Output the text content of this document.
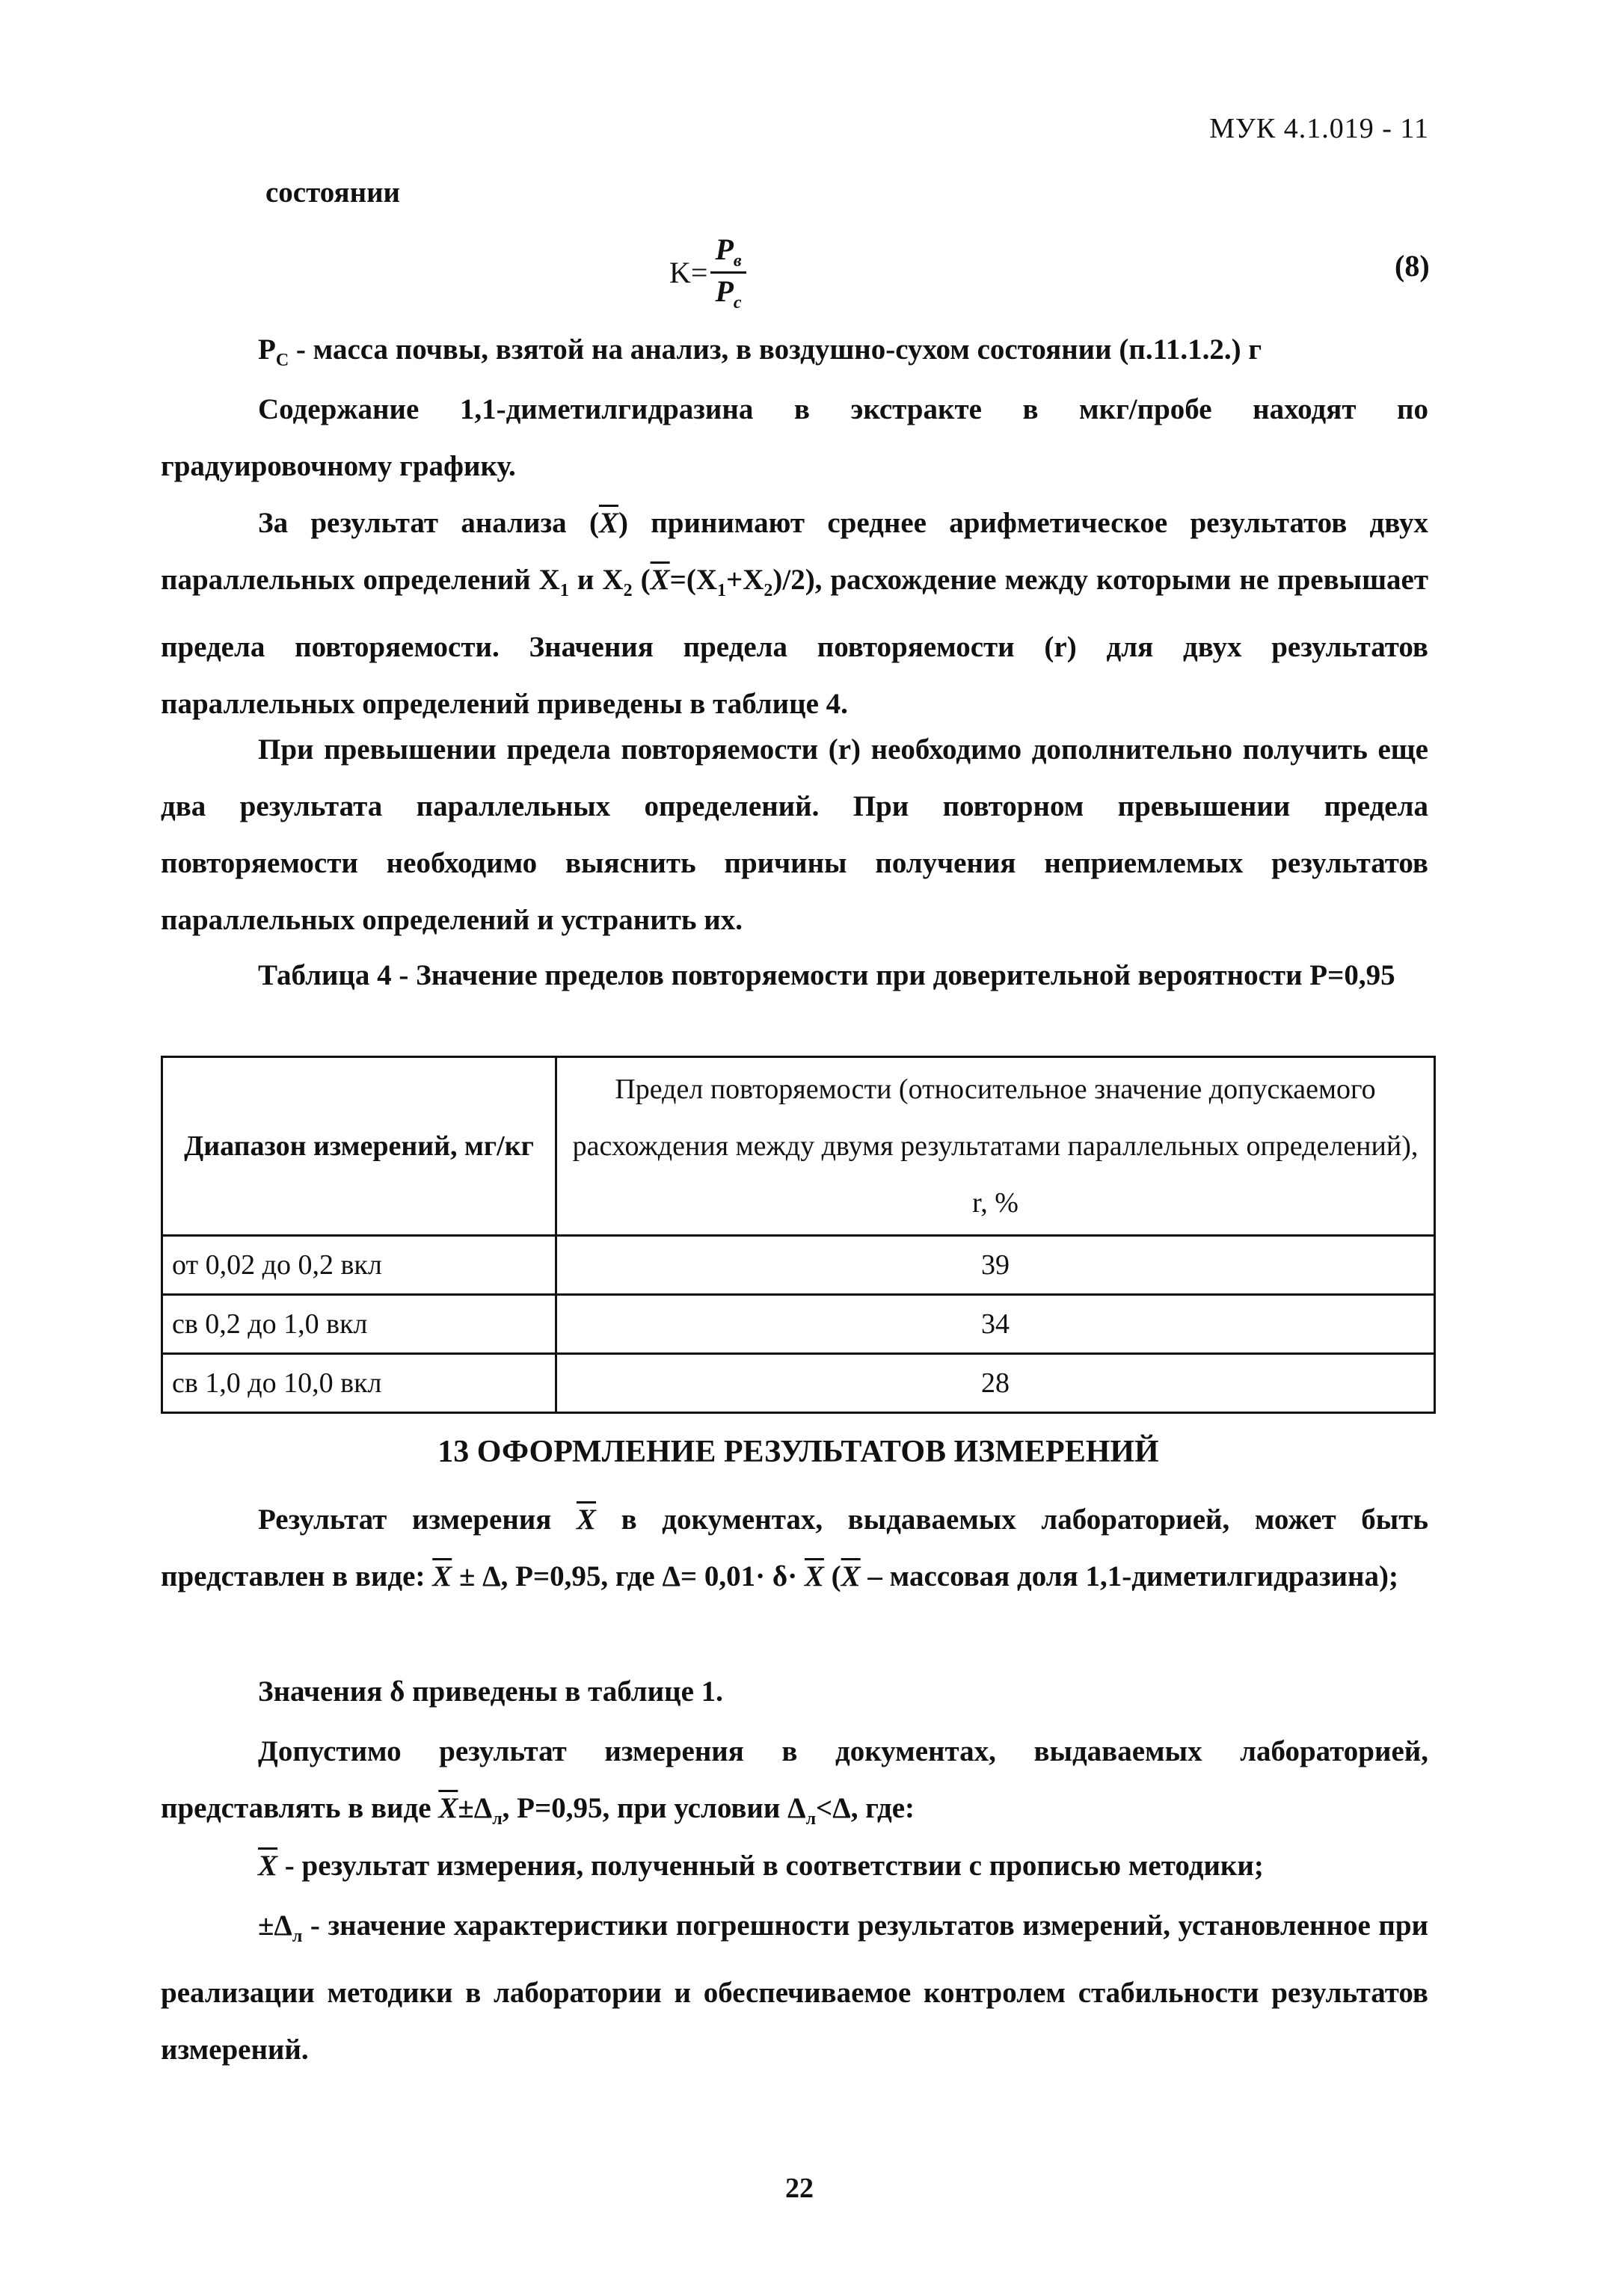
МУК 4.1.019 - 11
состоянии
$K= \frac{P_в}{P_c}$	(8)

$P_C$ - масса почвы, взятой на анализ, в воздушно-сухом состоянии (п.11.1.2.) г

Содержание 1,1-диметилгидразина в экстракте в мкг/пробе находят по градуировочному графику.

За результат анализа $(\overline{X})$ принимают среднее арифметическое результатов двух параллельных определений $X_1$ и $X_2$ $(\overline{X}=(X_1+X_2)/2)$, расхождение между которыми не превышает предела повторяемости. Значения предела повторяемости (r) для двух результатов параллельных определений приведены в таблице 4.

При превышении предела повторяемости (r) необходимо дополнительно получить еще два результата параллельных определений. При повторном превышении предела повторяемости необходимо выяснить причины получения неприемлемых результатов параллельных определений и устранить их.

Таблица 4 - Значение пределов повторяемости при доверительной вероятности P=0,95

Диапазон измерений, мг/кг	Предел повторяемости (относительное значение допускаемого расхождения между двумя результатами параллельных определений), r, %
от 0,02 до 0,2 вкл	39
св 0,2 до 1,0 вкл	34
св 1,0 до 10,0 вкл	28
13 ОФОРМЛЕНИЕ РЕЗУЛЬТАТОВ ИЗМЕРЕНИЙ

Результат измерения $\overline{X}$ в документах, выдаваемых лабораторией, может быть представлен в виде: $\overline{X} \pm \Delta$, P=0,95, где $\Delta= 0,01\cdot \delta\cdot \overline{X}$ ($\overline{X}$ – массовая доля 1,1-диметилгидразина);

Значения δ приведены в таблице 1.

Допустимо результат измерения в документах, выдаваемых лабораторией, представлять в виде $\overline{X}\pm\Delta_л$, P=0,95, при условии $\Delta_л<\Delta$, где:

$\overline{X}$ - результат измерения, полученный в соответствии с прописью методики;

$\pm\Delta_л$ - значение характеристики погрешности результатов измерений, установленное при реализации методики в лаборатории и обеспечиваемое контролем стабильности результатов измерений.

22
